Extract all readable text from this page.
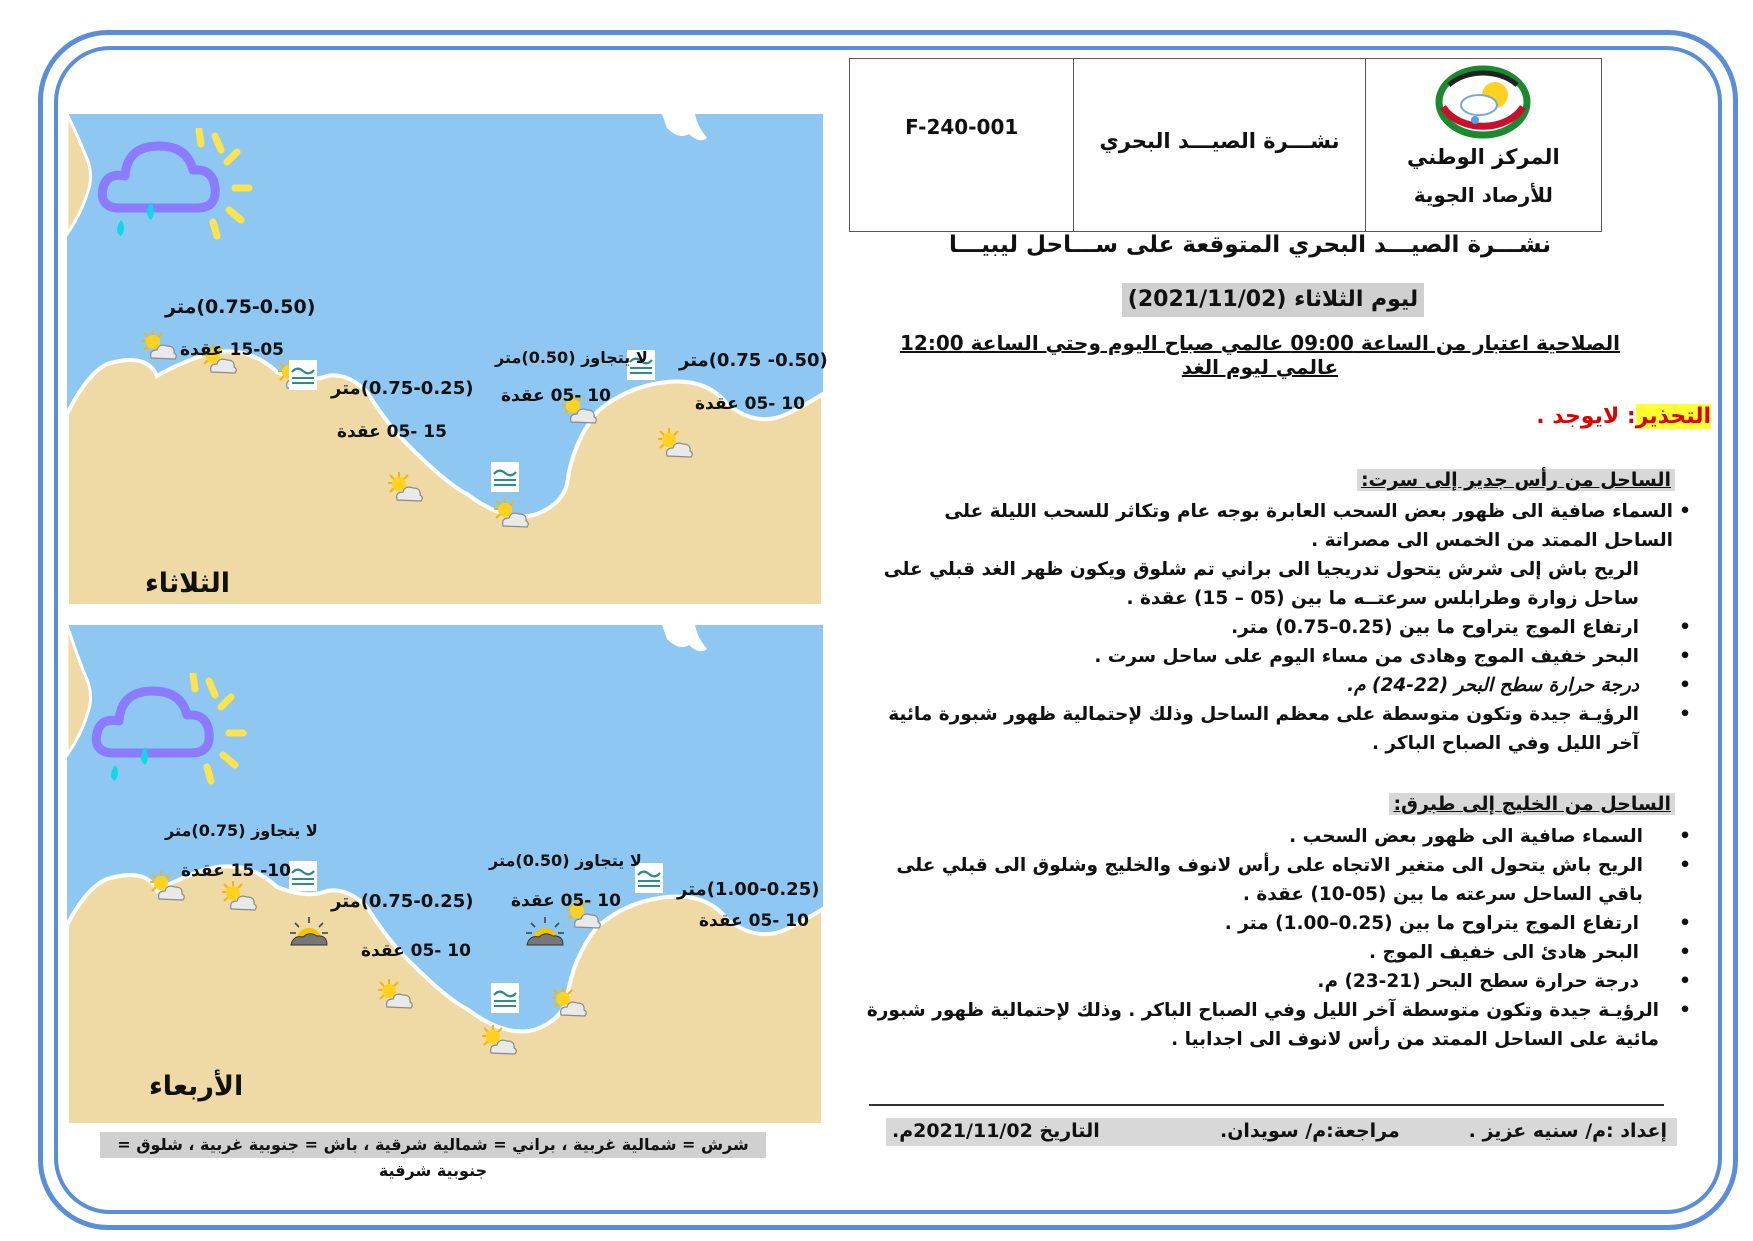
F-240-001
نشـــرة الصيـــد البحري
المركز الوطني
للأرصاد الجوية
نشـــرة الصيـــد البحري المتوقعة على ســـاحل ليبيـــا
ليوم الثلاثاء (2021/11/02)
الصلاحية اعتبار من الساعة 09:00 عالمي صباح اليوم وحتي الساعة 12:00 عالمي ليوم الغد
التحذير: لايوجد .
الساحل من رأس جدير إلى سرت:
• السماء صافية الى ظهور بعض السحب العابرة بوجه عام وتكاثر للسحب الليلة على الساحل الممتد من الخمس الى مصراتة .
الريح باش إلى شرش يتحول تدريجيا الى براني تم شلوق ويكون ظهر الغد قبلي على ساحل زوارة وطرابلس سرعتــه ما بين (05 – 15) عقدة .
• ارتفاع الموج يتراوح ما بين (0.25–0.75) متر.
• البحر خفيف الموج وهادى من مساء اليوم على ساحل سرت .
• درجة حرارة سطح البحر (22-24) م.
• الرؤيـة جيدة وتكون متوسطة على معظم الساحل وذلك لإحتمالية ظهور شبورة مائية آخر الليل وفي الصباح الباكر .
الساحل من الخليج إلى طبرق:
• السماء صافية الى ظهور بعض السحب .
• الريح باش يتحول الى متغير الاتجاه على رأس لانوف والخليج وشلوق الى قبلي على باقي الساحل سرعته ما بين (05-10) عقدة .
• ارتفاع الموج يتراوح ما بين (0.25–1.00) متر .
• البحر هادئ الى خفيف الموج .
• درجة حرارة سطح البحر (21-23) م.
• الرؤيـة جيدة وتكون متوسطة آخر الليل وفي الصباح الباكر . وذلك لإحتمالية ظهور شبورة مائية على الساحل الممتد من رأس لانوف الى اجدابيا .
إعداد :م/ سنيه عزيز .
مراجعة:م/ سويدان.
التاريخ 2021/11/02م.
(0.75-0.50)متر
15-05 عقدة
(0.75-0.25)متر
15 -05 عقدة
لا يتجاوز (0.50)متر
10 -05 عقدة
(0.50- 0.75)متر
10 -05 عقدة
الثلاثاء
لا يتجاوز (0.75)متر
10- 15 عقدة
(0.75-0.25)متر
10 -05 عقدة
لا يتجاوز (0.50)متر
10 -05 عقدة
(1.00-0.25)متر
10 -05 عقدة
الأربعاء
شرش = شمالية غربية ، براني = شمالية شرقية ، باش = جنوبية غربية ، شلوق = جنوبية شرقية
